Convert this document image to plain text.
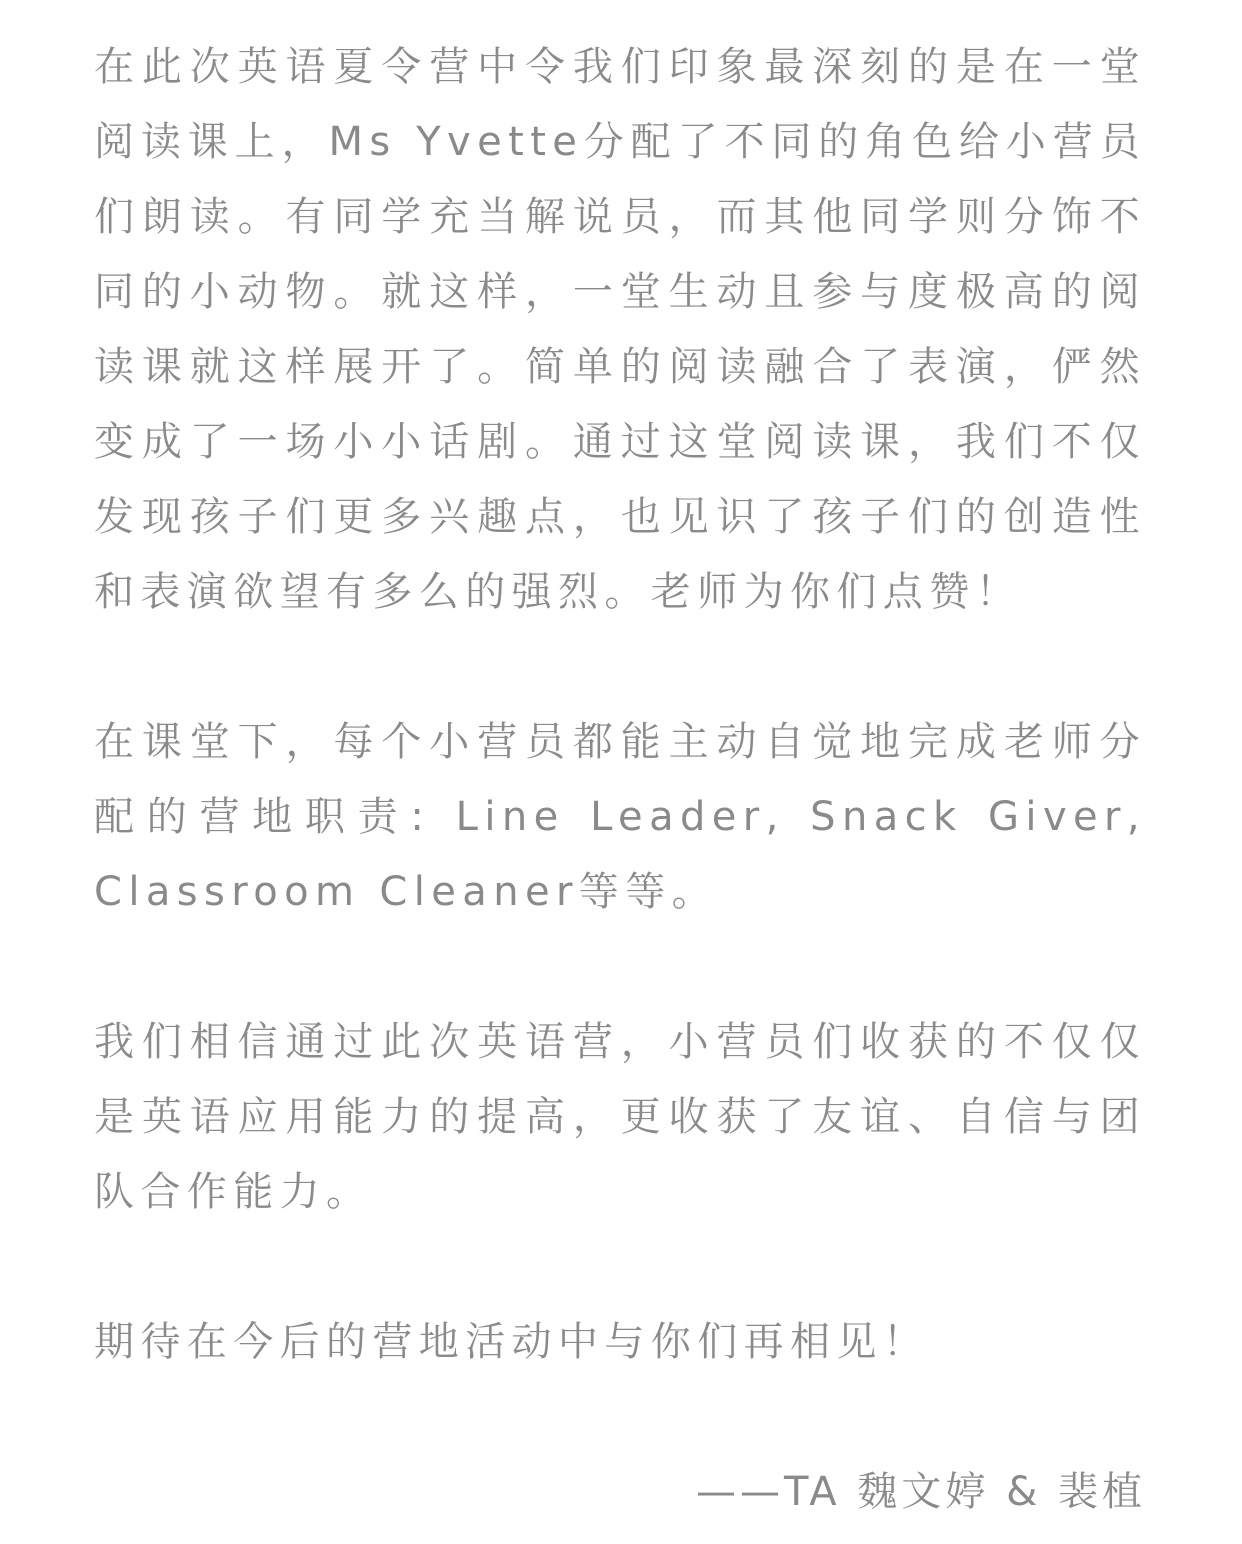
在此次英语夏令营中令我们印象最深刻的是在一堂阅读课上，Ms Yvette分配了不同的角色给小营员们朗读。有同学充当解说员，而其他同学则分饰不同的小动物。就这样，一堂生动且参与度极高的阅读课就这样展开了。简单的阅读融合了表演，俨然变成了一场小小话剧。通过这堂阅读课，我们不仅发现孩子们更多兴趣点，也见识了孩子们的创造性和表演欲望有多么的强烈。老师为你们点赞！

在课堂下，每个小营员都能主动自觉地完成老师分配的营地职责: Line Leader, Snack Giver, Classroom Cleaner等等。

我们相信通过此次英语营，小营员们收获的不仅仅是英语应用能力的提高，更收获了友谊、自信与团队合作能力。

期待在今后的营地活动中与你们再相见！

——TA 魏文婷 & 裴植
